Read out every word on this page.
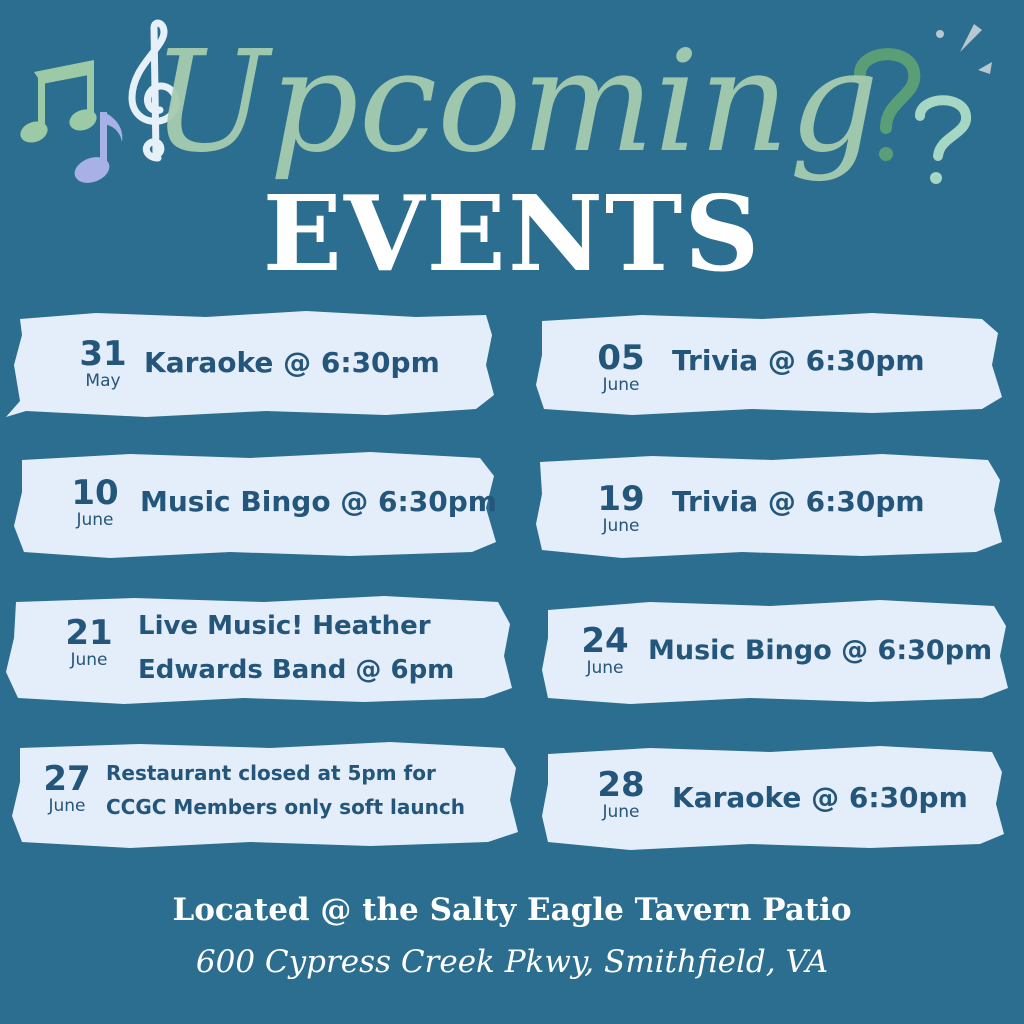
Upcoming
EVENTS
31
May
Karaoke @ 6:30pm	05
June
Trivia @ 6:30pm
10
June
Music Bingo @ 6:30pm	19
June
Trivia @ 6:30pm
21
June
Live Music! Heather
Edwards Band @ 6pm
24
June
Music Bingo @ 6:30pm
27
June
Restaurant closed at 5pm for
CCGC Members only soft launch
28
June	Karaoke @ 6:30pm
Located @ the Salty Eagle Tavern Patio
600 Cypress Creek Pkwy, Smithfield, VA
